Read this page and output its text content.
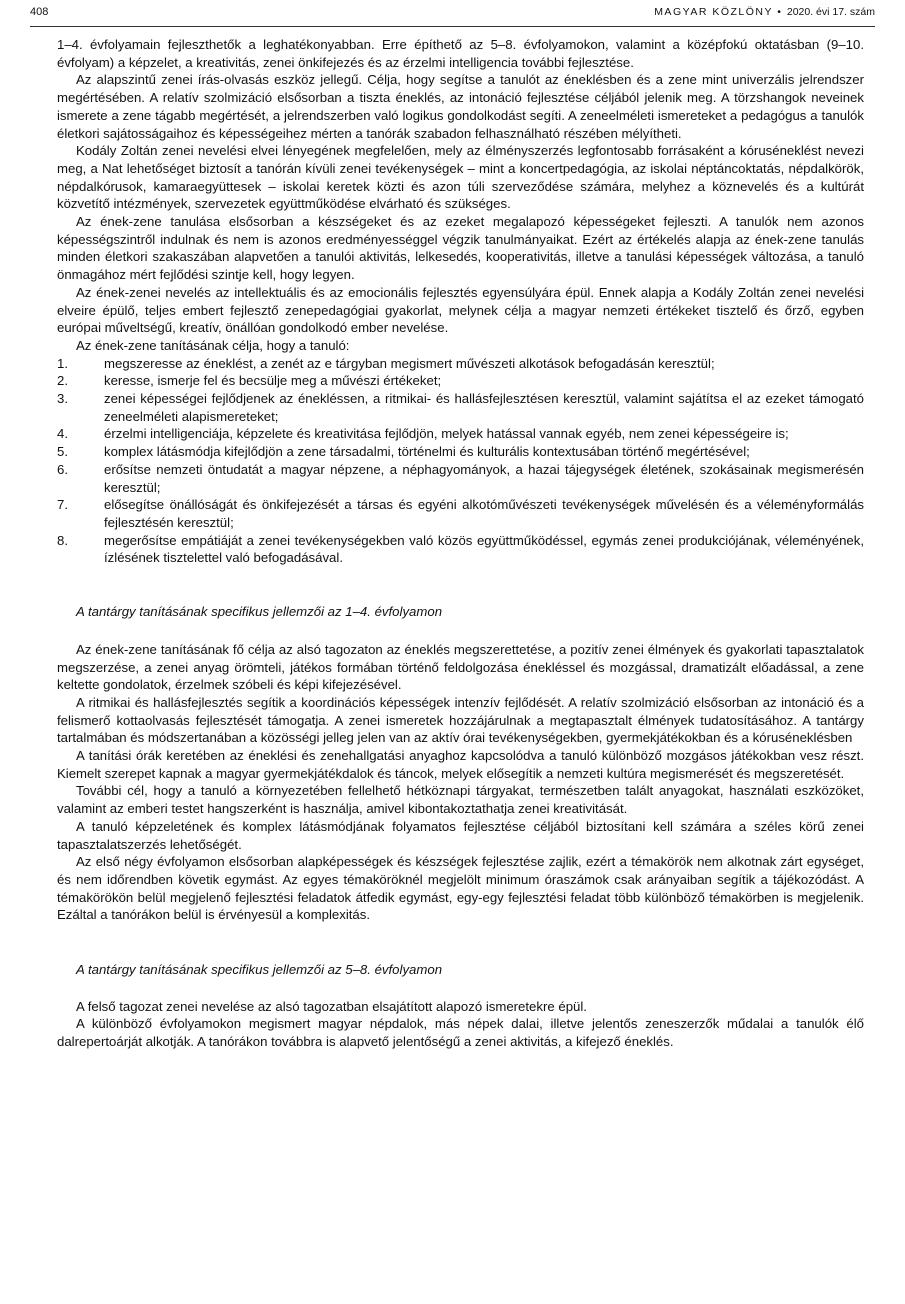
408	MAGYAR KÖZLÖNY • 2020. évi 17. szám

1–4. évfolyamain fejleszthetők a leghatékonyabban. Erre építhető az 5–8. évfolyamokon, valamint a középfokú oktatásban (9–10. évfolyam) a képzelet, a kreativitás, zenei önkifejezés és az érzelmi intelligencia további fejlesztése.

Az alapszintű zenei írás-olvasás eszköz jellegű. Célja, hogy segítse a tanulót az éneklésben és a zene mint univerzális jelrendszer megértésében. A relatív szolmizáció elsősorban a tiszta éneklés, az intonáció fejlesztése céljából jelenik meg. A törzshangok neveinek ismerete a zene tágabb megértését, a jelrendszerben való logikus gondolkodást segíti. A zeneelméleti ismereteket a pedagógus a tanulók életkori sajátosságaihoz és képességeihez mérten a tanórák szabadon felhasználható részében mélyítheti.

Kodály Zoltán zenei nevelési elvei lényegének megfelelően, mely az élményszerzés legfontosabb forrásaként a kóruséneklést nevezi meg, a Nat lehetőséget biztosít a tanórán kívüli zenei tevékenységek – mint a koncertpedagógia, az iskolai néptáncoktatás, népdalkörök, népdalkórusok, kamaraegyüttesek – iskolai keretek közti és azon túli szerveződése számára, melyhez a köznevelés és a kultúrát közvetítő intézmények, szervezetek együttműködése elvárható és szükséges.

Az ének-zene tanulása elsősorban a készségeket és az ezeket megalapozó képességeket fejleszti. A tanulók nem azonos képességszintről indulnak és nem is azonos eredményességgel végzik tanulmányaikat. Ezért az értékelés alapja az ének-zene tanulás minden életkori szakaszában alapvetően a tanulói aktivitás, lelkesedés, kooperativitás, illetve a tanulási képességek változása, a tanuló önmagához mért fejlődési szintje kell, hogy legyen.

Az ének-zenei nevelés az intellektuális és az emocionális fejlesztés egyensúlyára épül. Ennek alapja a Kodály Zoltán zenei nevelési elveire épülő, teljes embert fejlesztő zenepedagógiai gyakorlat, melynek célja a magyar nemzeti értékeket tisztelő és őrző, egyben európai műveltségű, kreatív, önállóan gondolkodó ember nevelése.

Az ének-zene tanításának célja, hogy a tanuló:

1.	megszeresse az éneklést, a zenét az e tárgyban megismert művészeti alkotások befogadásán keresztül;
2.	keresse, ismerje fel és becsülje meg a művészi értékeket;
3.	zenei képességei fejlődjenek az énekléssen, a ritmikai- és hallásfejlesztésen keresztül, valamint sajátítsa el az ezeket támogató zeneelméleti alapismereteket;
4.	érzelmi intelligenciája, képzelete és kreativitása fejlődjön, melyek hatással vannak egyéb, nem zenei képességeire is;
5.	komplex látásmódja kifejlődjön a zene társadalmi, történelmi és kulturális kontextusában történő megértésével;
6.	erősítse nemzeti öntudatát a magyar népzene, a néphagyományok, a hazai tájegységek életének, szokásainak megismerésén keresztül;
7.	elősegítse önállóságát és önkifejezését a társas és egyéni alkotóművészeti tevékenységek művelésén és a véleményformálás fejlesztésén keresztül;
8.	megerősítse empátiáját a zenei tevékenységekben való közös együttműködéssel, egymás zenei produkciójának, véleményének, ízlésének tisztelettel való befogadásával.
A tantárgy tanításának specifikus jellemzői az 1–4. évfolyamon

Az ének-zene tanításának fő célja az alsó tagozaton az éneklés megszerettetése, a pozitív zenei élmények és gyakorlati tapasztalatok megszerzése, a zenei anyag örömteli, játékos formában történő feldolgozása énekléssel és mozgással, dramatizált előadással, a zene keltette gondolatok, érzelmek szóbeli és képi kifejezésével.

A ritmikai és hallásfejlesztés segítik a koordinációs képességek intenzív fejlődését. A relatív szolmizáció elsősorban az intonáció és a felismerő kottaolvasás fejlesztését támogatja. A zenei ismeretek hozzájárulnak a megtapasztalt élmények tudatosításához. A tantárgy tartalmában és módszertanában a közösségi jelleg jelen van az aktív órai tevékenységekben, gyermekjátékokban és a kóruséneklésben

A tanítási órák keretében az éneklési és zenehallgatási anyaghoz kapcsolódva a tanuló különböző mozgásos játékokban vesz részt. Kiemelt szerepet kapnak a magyar gyermekjátékdalok és táncok, melyek elősegítik a nemzeti kultúra megismerését és megszeretését.

További cél, hogy a tanuló a környezetében fellelhető hétköznapi tárgyakat, természetben talált anyagokat, használati eszközöket, valamint az emberi testet hangszerként is használja, amivel kibontakoztathatja zenei kreativitását.

A tanuló képzeletének és komplex látásmódjának folyamatos fejlesztése céljából biztosítani kell számára a széles körű zenei tapasztalatszerzés lehetőségét.

Az első négy évfolyamon elsősorban alapképességek és készségek fejlesztése zajlik, ezért a témakörök nem alkotnak zárt egységet, és nem időrendben követik egymást. Az egyes témaköröknél megjelölt minimum óraszámok csak arányaiban segítik a tájékozódást. A témakörökön belül megjelenő fejlesztési feladatok átfedik egymást, egy-egy fejlesztési feladat több különböző témakörben is megjelenik. Ezáltal a tanórákon belül is érvényesül a komplexitás.

A tantárgy tanításának specifikus jellemzői az 5–8. évfolyamon

A felső tagozat zenei nevelése az alsó tagozatban elsajátított alapozó ismeretekre épül.

A különböző évfolyamokon megismert magyar népdalok, más népek dalai, illetve jelentős zeneszerzők műdalai a tanulók élő dalrepertoárját alkotják. A tanórákon továbbra is alapvető jelentőségű a zenei aktivitás, a kifejező éneklés.
